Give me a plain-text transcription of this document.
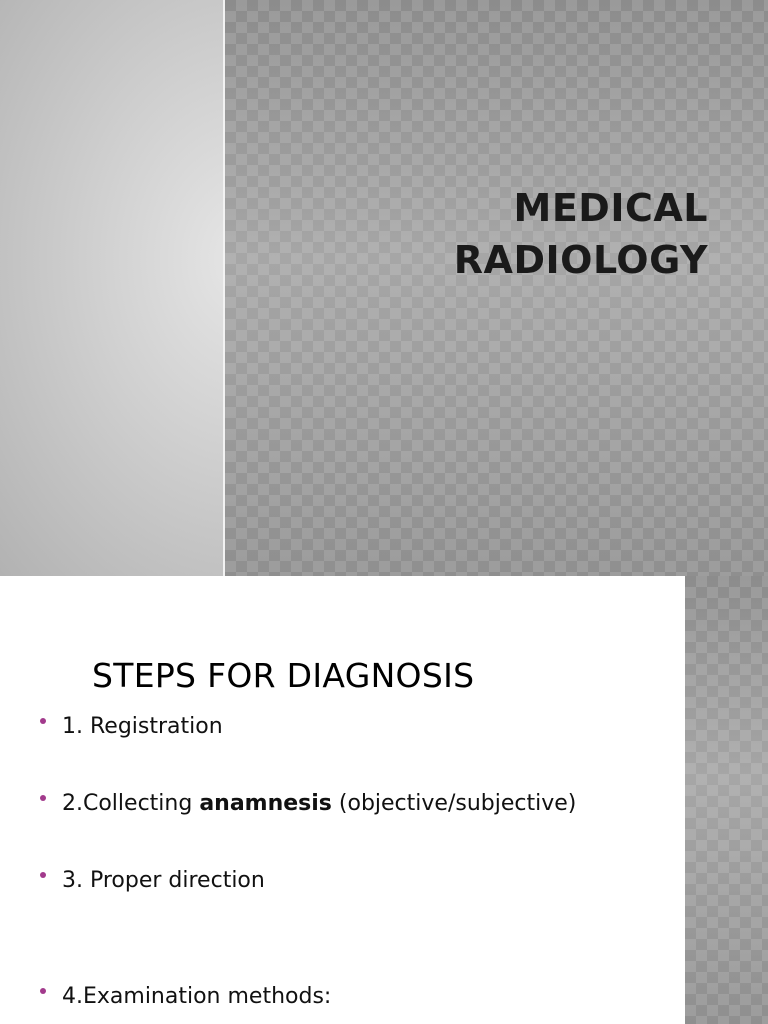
MEDICAL
RADIOLOGY
STEPS FOR DIAGNOSIS
1. Registration
2.Collecting anamnesis (objective/subjective)
3. Proper direction
4.Examination methods:
